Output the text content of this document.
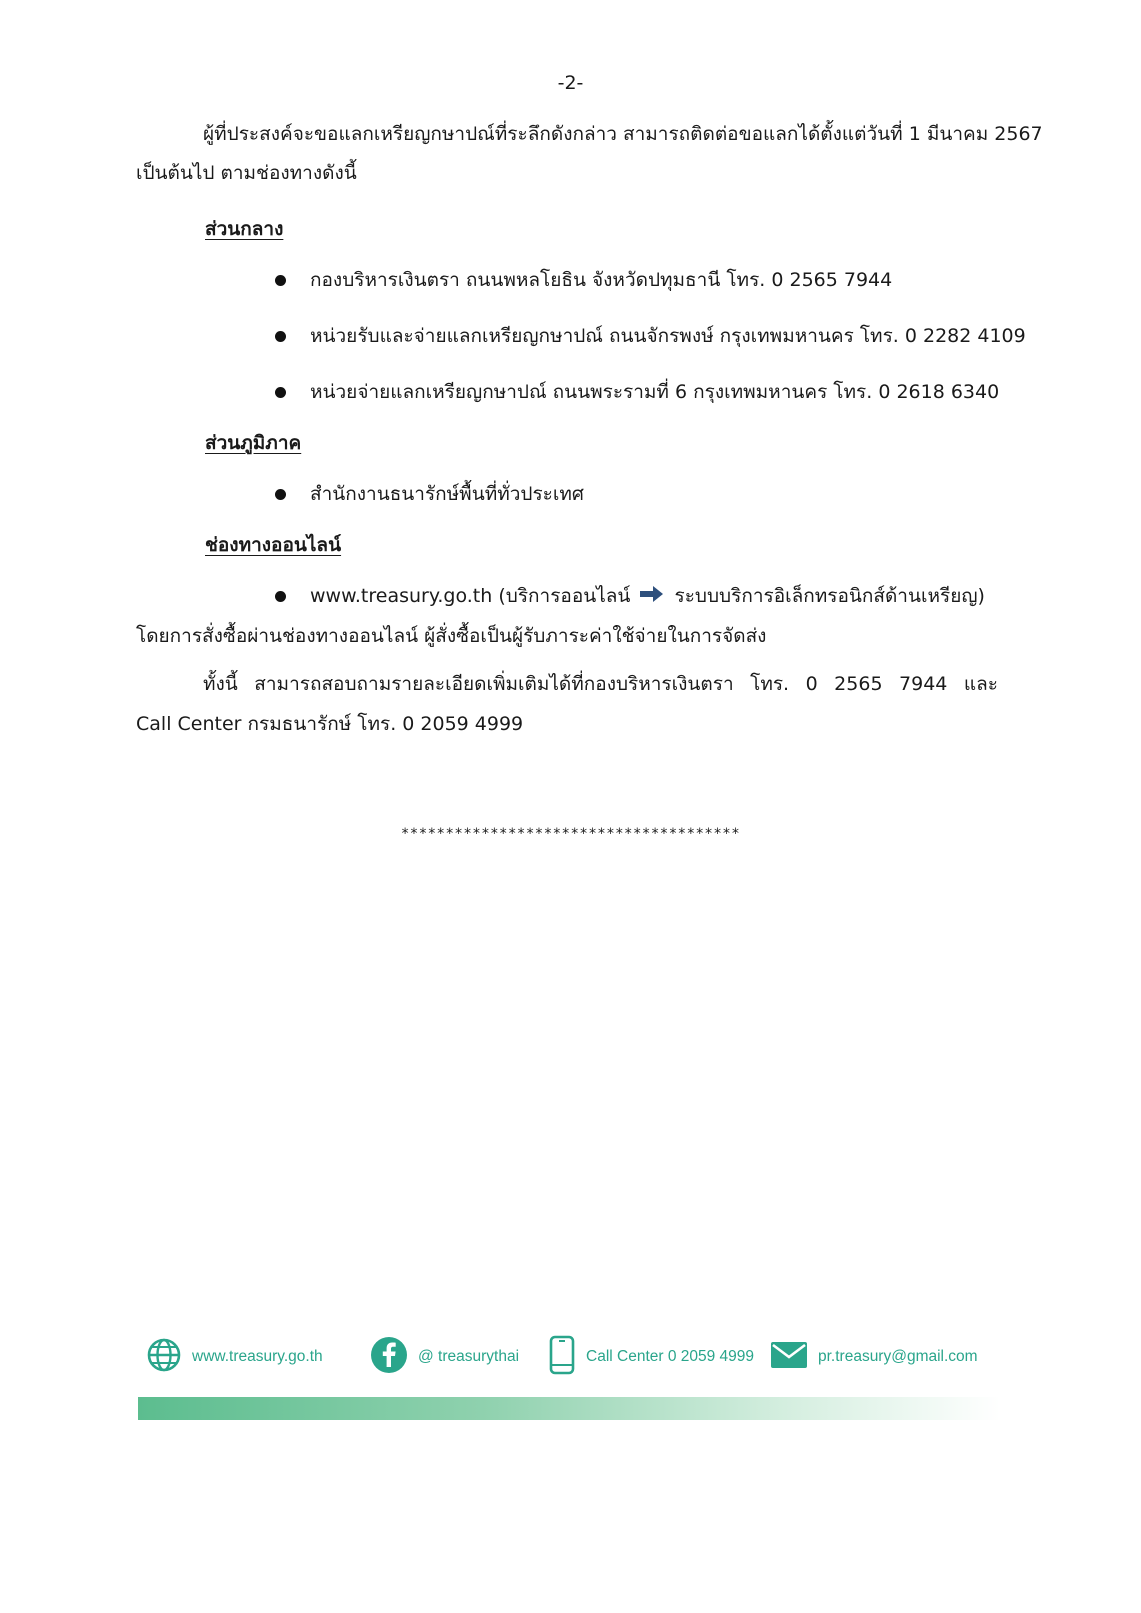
-2-
ผู้ที่ประสงค์จะขอแลกเหรียญกษาปณ์ที่ระลึกดังกล่าว สามารถติดต่อขอแลกได้ตั้งแต่วันที่ 1 มีนาคม 2567
เป็นต้นไป ตามช่องทางดังนี้
ส่วนกลาง
กองบริหารเงินตรา ถนนพหลโยธิน จังหวัดปทุมธานี โทร. 0 2565 7944
หน่วยรับและจ่ายแลกเหรียญกษาปณ์ ถนนจักรพงษ์ กรุงเทพมหานคร โทร. 0 2282 4109
หน่วยจ่ายแลกเหรียญกษาปณ์ ถนนพระรามที่ 6 กรุงเทพมหานคร โทร. 0 2618 6340
ส่วนภูมิภาค
สำนักงานธนารักษ์พื้นที่ทั่วประเทศ
ช่องทางออนไลน์
www.treasury.go.th (บริการออนไลน์ ระบบบริการอิเล็กทรอนิกส์ด้านเหรียญ)
โดยการสั่งซื้อผ่านช่องทางออนไลน์ ผู้สั่งซื้อเป็นผู้รับภาระค่าใช้จ่ายในการจัดส่ง
ทั้งนี้ สามารถสอบถามรายละเอียดเพิ่มเติมได้ที่กองบริหารเงินตรา โทร. 0 2565 7944 และ
Call Center กรมธนารักษ์ โทร. 0 2059 4999
**************************************
www.treasury.go.th	@ treasurythai	Call Center 0 2059 4999	pr.treasury@gmail.com
